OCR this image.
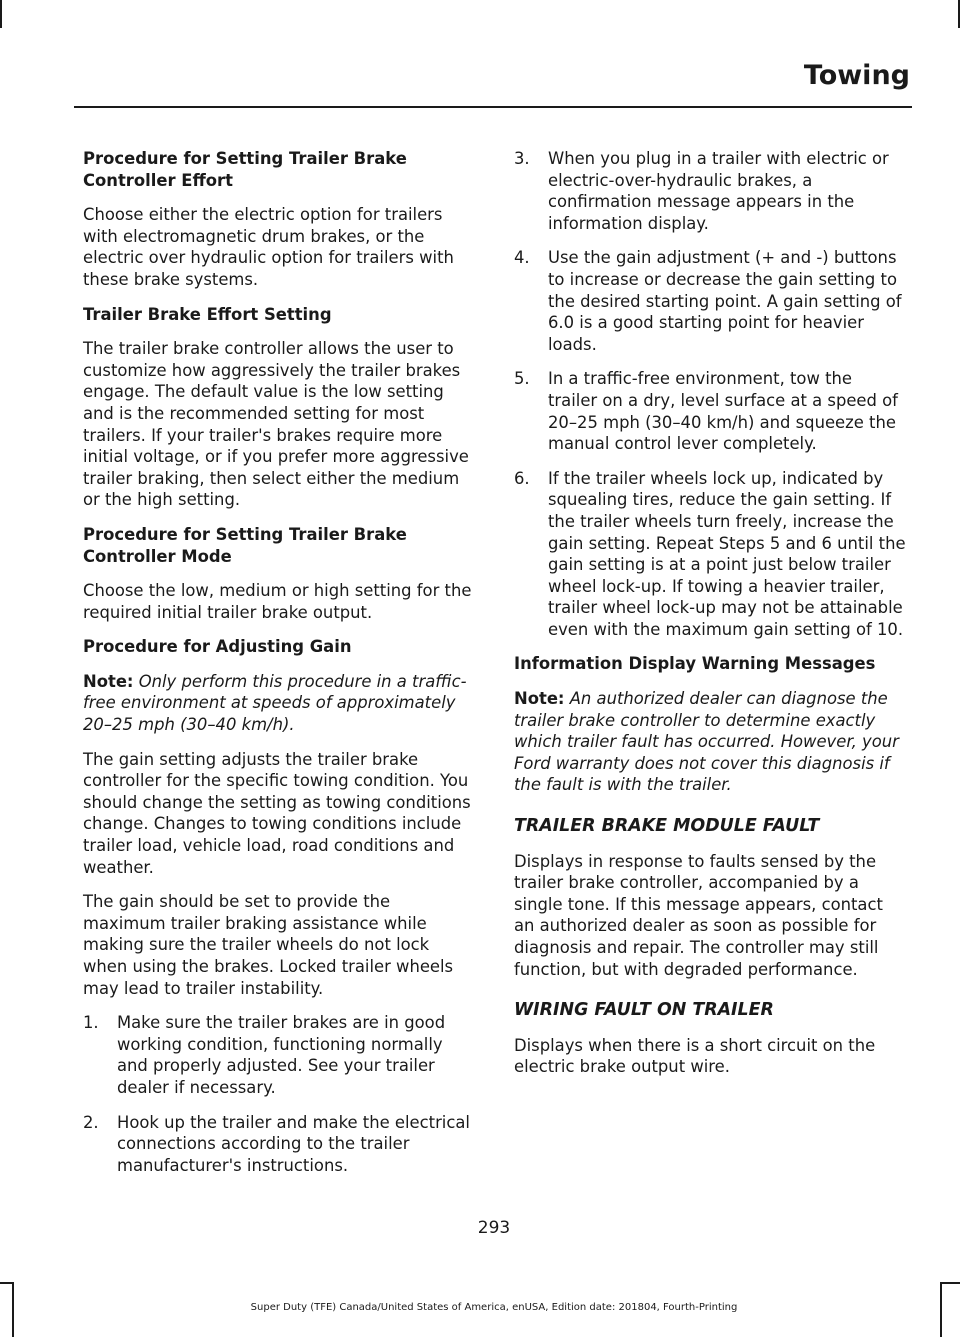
Towing

Procedure for Setting Trailer Brake Controller Effort

Choose either the electric option for trailers with electromagnetic drum brakes, or the electric over hydraulic option for trailers with these brake systems.

Trailer Brake Effort Setting

The trailer brake controller allows the user to customize how aggressively the trailer brakes engage. The default value is the low setting and is the recommended setting for most trailers. If your trailer's brakes require more initial voltage, or if you prefer more aggressive trailer braking, then select either the medium or the high setting.

Procedure for Setting Trailer Brake Controller Mode

Choose the low, medium or high setting for the required initial trailer brake output.

Procedure for Adjusting Gain

Note: Only perform this procedure in a traffic-free environment at speeds of approximately 20–25 mph (30–40 km/h).

The gain setting adjusts the trailer brake controller for the specific towing condition. You should change the setting as towing conditions change. Changes to towing conditions include trailer load, vehicle load, road conditions and weather.

The gain should be set to provide the maximum trailer braking assistance while making sure the trailer wheels do not lock when using the brakes. Locked trailer wheels may lead to trailer instability.

1. Make sure the trailer brakes are in good working condition, functioning normally and properly adjusted. See your trailer dealer if necessary.
2. Hook up the trailer and make the electrical connections according to the trailer manufacturer's instructions.
3. When you plug in a trailer with electric or electric-over-hydraulic brakes, a confirmation message appears in the information display.
4. Use the gain adjustment (+ and -) buttons to increase or decrease the gain setting to the desired starting point. A gain setting of 6.0 is a good starting point for heavier loads.
5. In a traffic-free environment, tow the trailer on a dry, level surface at a speed of 20–25 mph (30–40 km/h) and squeeze the manual control lever completely.
6. If the trailer wheels lock up, indicated by squealing tires, reduce the gain setting. If the trailer wheels turn freely, increase the gain setting. Repeat Steps 5 and 6 until the gain setting is at a point just below trailer wheel lock-up. If towing a heavier trailer, trailer wheel lock-up may not be attainable even with the maximum gain setting of 10.

Information Display Warning Messages

Note: An authorized dealer can diagnose the trailer brake controller to determine exactly which trailer fault has occurred. However, your Ford warranty does not cover this diagnosis if the fault is with the trailer.

TRAILER BRAKE MODULE FAULT

Displays in response to faults sensed by the trailer brake controller, accompanied by a single tone. If this message appears, contact an authorized dealer as soon as possible for diagnosis and repair. The controller may still function, but with degraded performance.

WIRING FAULT ON TRAILER

Displays when there is a short circuit on the electric brake output wire.

293
Super Duty (TFE) Canada/United States of America, enUSA, Edition date: 201804, Fourth-Printing
